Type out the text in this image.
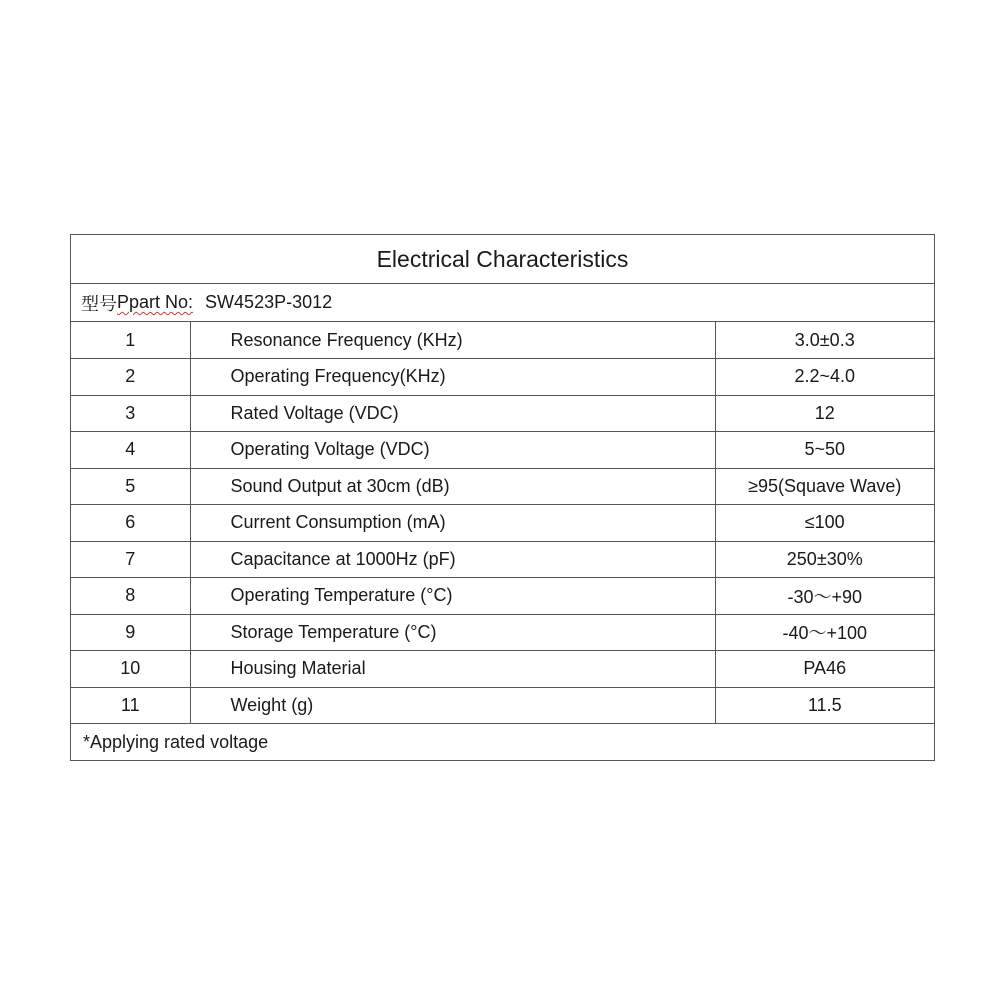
Electrical Characteristics
型号 Ppart No: SW4523P-3012
1	Resonance Frequency (KHz)	3.0±0.3
2	Operating Frequency(KHz)	2.2~4.0
3	Rated Voltage (VDC)	12
4	Operating Voltage (VDC)	5~50
5	Sound Output at 30cm (dB)	≥95(Squave Wave)
6	Current Consumption (mA)	≤100
7	Capacitance at 1000Hz (pF)	250±30%
8	Operating Temperature (°C)	-30～+90
9	Storage Temperature (°C)	-40～+100
10	Housing Material	PA46
11	Weight (g)	11.5
*Applying rated voltage
